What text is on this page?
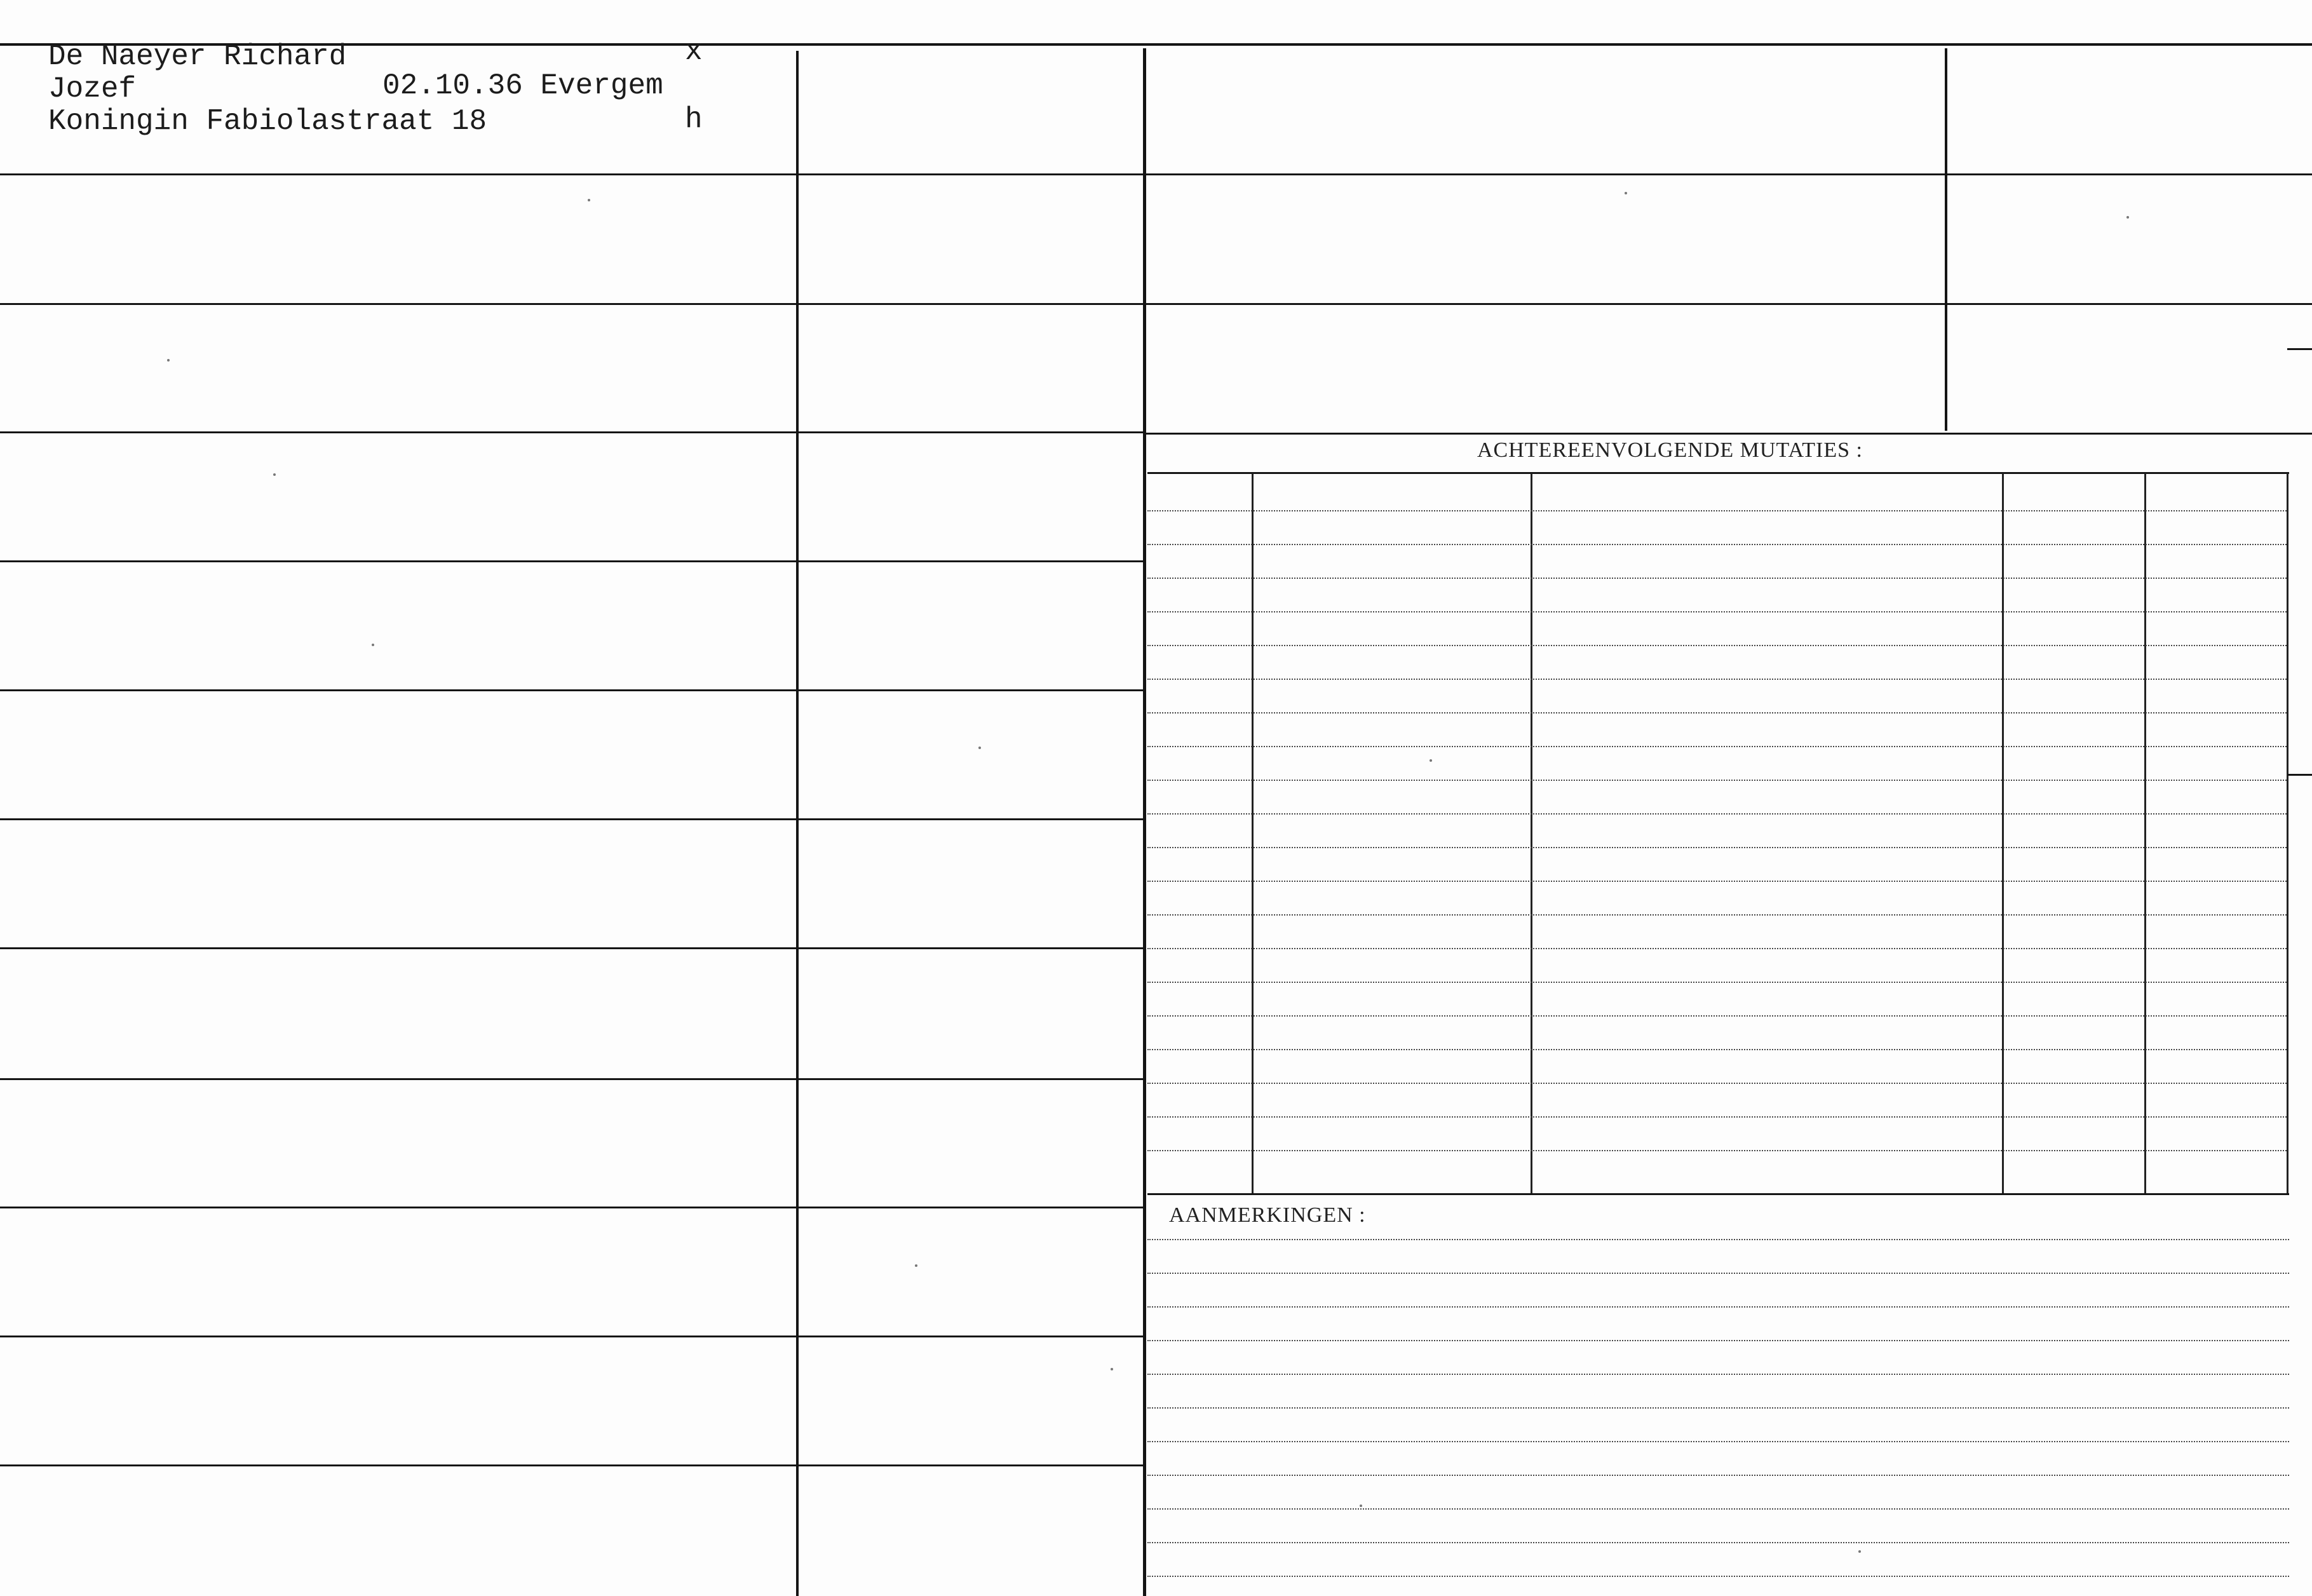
ACHTEREENVOLGENDE MUTATIES :
AANMERKINGEN :
De Naeyer Richard	x
Jozef	02.10.36 Evergem
Koningin Fabiolastraat 18	h
